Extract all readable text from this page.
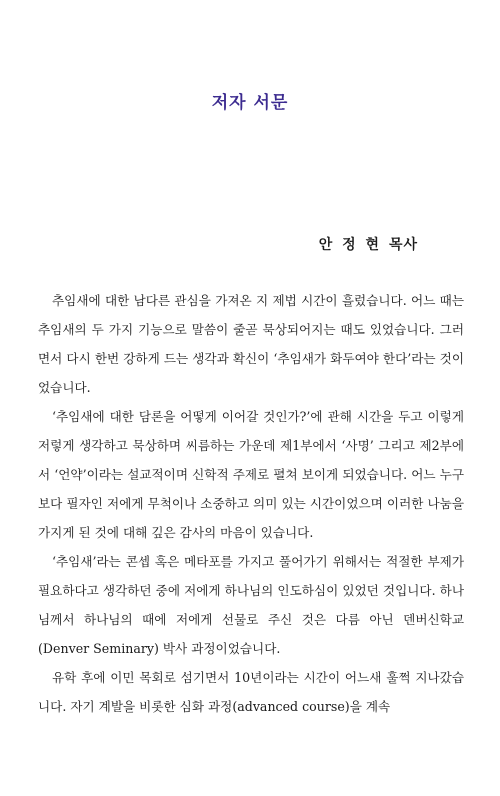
저자 서문
안 정 현 목사

추임새에 대한 남다른 관심을 가져온 지 제법 시간이 흘렀습니다. 어느 때는 추임새의 두 가지 기능으로 말씀이 줄곧 묵상되어지는 때도 있었습니다. 그러면서 다시 한번 강하게 드는 생각과 확신이 ‘추임새가 화두여야 한다’라는 것이었습니다.

‘추임새에 대한 담론을 어떻게 이어갈 것인가?’에 관해 시간을 두고 이렇게 저렇게 생각하고 묵상하며 씨름하는 가운데 제1부에서 ‘사명’ 그리고 제2부에서 ‘언약’이라는 설교적이며 신학적 주제로 펼쳐 보이게 되었습니다. 어느 누구보다 필자인 저에게 무척이나 소중하고 의미 있는 시간이었으며 이러한 나눔을 가지게 된 것에 대해 깊은 감사의 마음이 있습니다.

‘추임새’라는 콘셉 혹은 메타포를 가지고 풀어가기 위해서는 적절한 부제가 필요하다고 생각하던 중에 저에게 하나님의 인도하심이 있었던 것입니다. 하나님께서 하나님의 때에 저에게 선물로 주신 것은 다름 아닌 덴버신학교(Denver Seminary) 박사 과정이었습니다.

유학 후에 이민 목회로 섬기면서 10년이라는 시간이 어느새 훌쩍 지나갔습니다. 자기 계발을 비롯한 심화 과정(advanced course)을 계속
